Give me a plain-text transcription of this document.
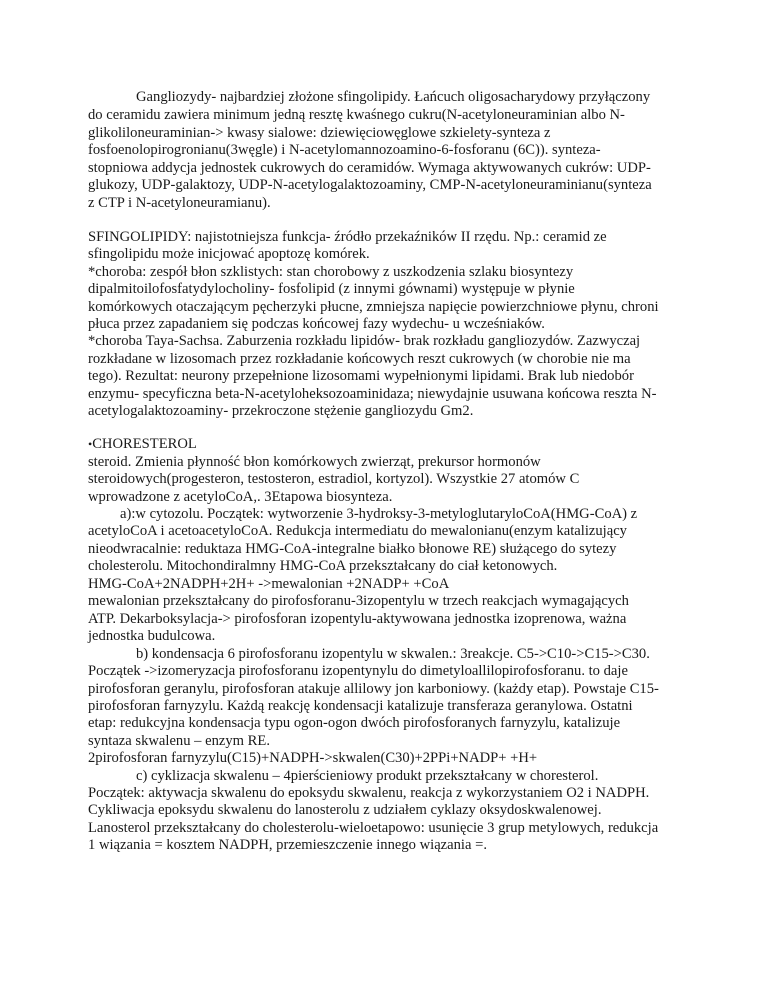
Gangliozydy- najbardziej złożone sfingolipidy. Łańcuch oligosacharydowy przyłączony
do ceramidu zawiera minimum jedną resztę kwaśnego cukru(N-acetyloneuraminian albo N-
glikoliloneuraminian-> kwasy sialowe: dziewięciowęglowe szkielety-synteza z
fosfoenolopirogronianu(3węgle) i N-acetylomannozoamino-6-fosforanu (6C)). synteza-
stopniowa addycja jednostek cukrowych do ceramidów. Wymaga aktywowanych cukrów: UDP-
glukozy, UDP-galaktozy, UDP-N-acetylogalaktozoaminy, CMP-N-acetyloneuraminianu(synteza
z CTP i N-acetyloneuramianu).
SFINGOLIPIDY: najistotniejsza funkcja- źródło przekaźników II rzędu. Np.: ceramid ze
sfingolipidu może inicjować apoptozę komórek.
*choroba: zespół błon szklistych: stan chorobowy z uszkodzenia szlaku biosyntezy
dipalmitoilofosfatydylocholiny- fosfolipid (z innymi gównami) występuje w płynie
komórkowych otaczającym pęcherzyki płucne, zmniejsza napięcie powierzchniowe płynu, chroni
płuca przez zapadaniem się podczas końcowej fazy wydechu- u wcześniaków.
*choroba Taya-Sachsa. Zaburzenia rozkładu lipidów- brak rozkładu gangliozydów. Zazwyczaj
rozkładane w lizosomach przez rozkładanie końcowych reszt cukrowych (w chorobie nie ma
tego). Rezultat: neurony przepełnione lizosomami wypełnionymi lipidami. Brak lub niedobór
enzymu- specyficzna beta-N-acetyloheksozoaminidaza; niewydajnie usuwana końcowa reszta N-
acetylogalaktozoaminy- przekroczone stężenie gangliozydu Gm2.
•CHORESTEROL
steroid. Zmienia płynność błon komórkowych zwierząt, prekursor hormonów
steroidowych(progesteron, testosteron, estradiol, kortyzol). Wszystkie 27 atomów C
wprowadzone z acetyloCoA,. 3Etapowa biosynteza.
a):w cytozolu. Początek: wytworzenie 3-hydroksy-3-metyloglutaryloCoA(HMG-CoA) z
acetyloCoA i acetoacetyloCoA. Redukcja intermediatu do mewalonianu(enzym katalizujący
nieodwracalnie: reduktaza HMG-CoA-integralne białko błonowe RE) służącego do sytezy
cholesterolu. Mitochondiralmny HMG-CoA przekształcany do ciał ketonowych.
HMG-CoA+2NADPH+2H+ ->mewalonian +2NADP+ +CoA
mewalonian przekształcany do pirofosforanu-3izopentylu w trzech reakcjach wymagających
ATP. Dekarboksylacja-> pirofosforan izopentylu-aktywowana jednostka izoprenowa, ważna
jednostka budulcowa.
b) kondensacja 6 pirofosforanu izopentylu w skwalen.: 3reakcje. C5->C10->C15->C30.
Początek ->izomeryzacja pirofosforanu izopentynylu do dimetyloallilopirofosforanu. to daje
pirofosforan geranylu, pirofosforan atakuje allilowy jon karboniowy. (każdy etap). Powstaje C15-
pirofosforan farnyzylu. Każdą reakcję kondensacji katalizuje transferaza geranylowa. Ostatni
etap: redukcyjna kondensacja typu ogon-ogon dwóch pirofosforanych farnyzylu, katalizuje
syntaza skwalenu – enzym RE.
2pirofosforan farnyzylu(C15)+NADPH->skwalen(C30)+2PPi+NADP+ +H+
c) cyklizacja skwalenu – 4pierścieniowy produkt przekształcany w choresterol.
Początek: aktywacja skwalenu do epoksydu skwalenu, reakcja z wykorzystaniem O2 i NADPH.
Cykliwacja epoksydu skwalenu do lanosterolu z udziałem cyklazy oksydoskwalenowej.
Lanosterol przekształcany do cholesterolu-wieloetapowo: usunięcie 3 grup metylowych, redukcja
1 wiązania = kosztem NADPH, przemieszczenie innego wiązania =.
